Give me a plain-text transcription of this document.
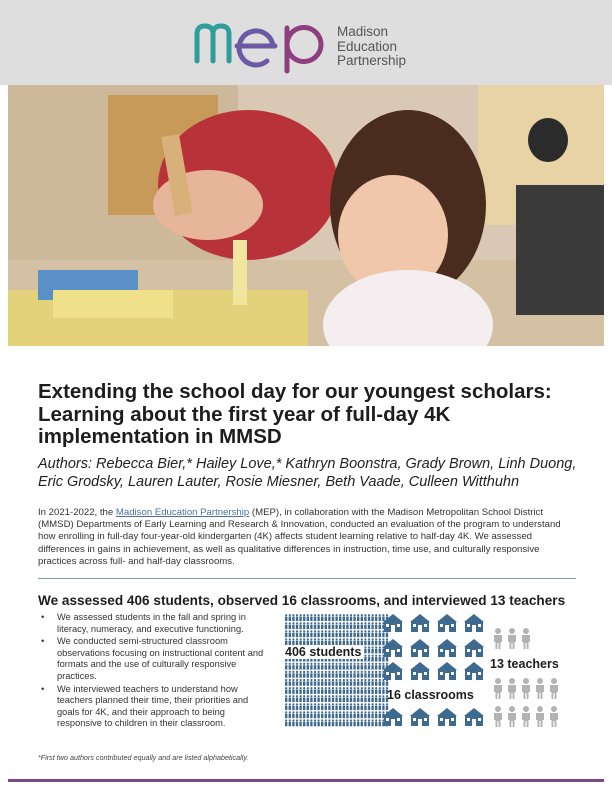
Madison
Education
Partnership
Extending the school day for our youngest scholars: Learning about the first year of full-day 4K implementation in MMSD
Authors: Rebecca Bier,* Hailey Love,* Kathryn Boonstra, Grady Brown, Linh Duong, Eric Grodsky, Lauren Lauter, Rosie Miesner, Beth Vaade, Culleen Witthuhn
In 2021-2022, the Madison Education Partnership (MEP), in collaboration with the Madison Metropolitan School District (MMSD) Departments of Early Learning and Research & Innovation, conducted an evaluation of the program to understand how enrolling in full-day four-year-old kindergarten (4K) affects student learning relative to half-day 4K. We assessed differences in gains in achievement, as well as qualitative differences in instruction, time use, and culturally responsive practices across full- and half-day classrooms.
We assessed 406 students, observed 16 classrooms, and interviewed 13 teachers
• We assessed students in the fall and spring in literacy, numeracy, and executive functioning.
• We conducted semi-structured classroom observations focusing on instructional content and formats and the use of culturally responsive practices.
• We interviewed teachers to understand how teachers planned their time, their priorities and goals for 4K, and their approach to being responsive to children in their classroom.
406 students
16 classrooms
13 teachers
*First two authors contributed equally and are listed alphabetically.
